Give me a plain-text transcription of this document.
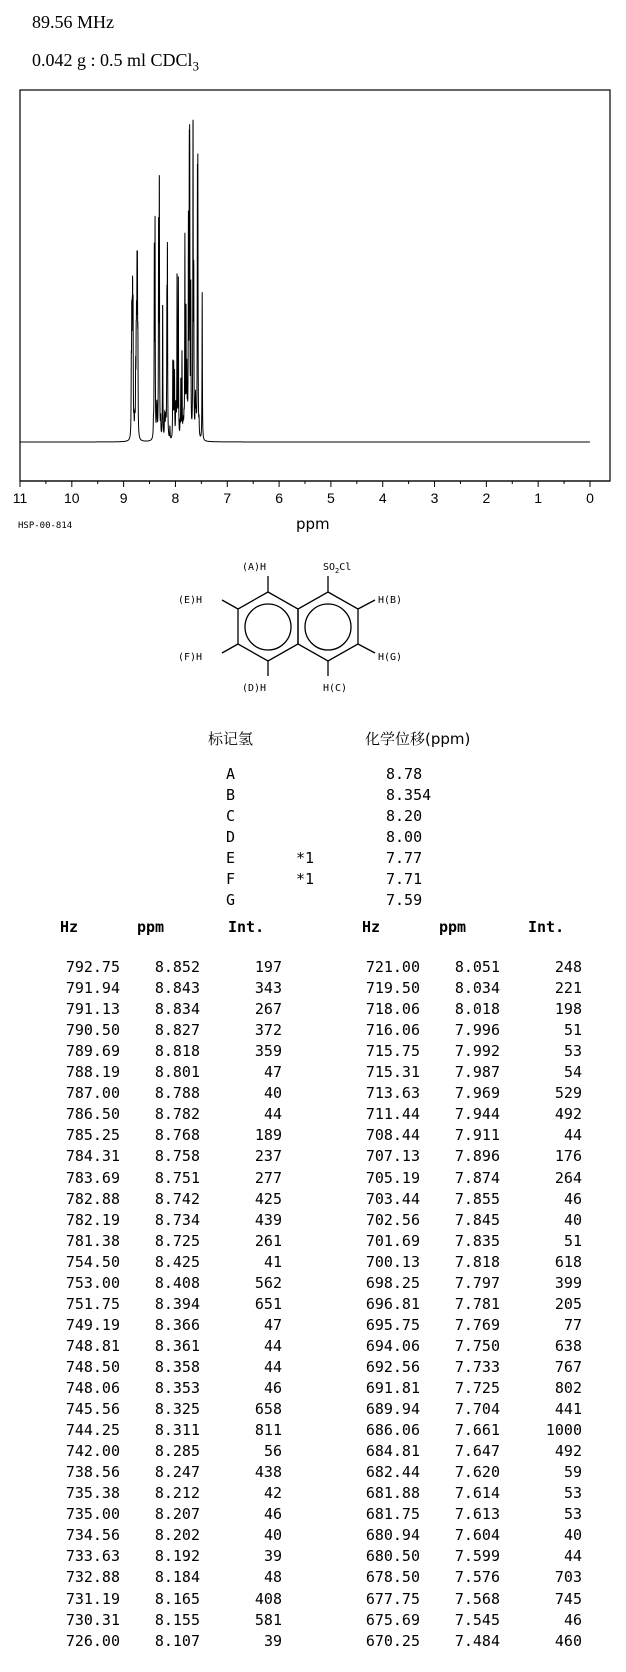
89.56 MHz
0.042 g : 0.5 ml CDCl$_3$
11	10	9	8	7	6	5	4	3	2	1	0
HSP-00-814	ppm
(A)H	$SO_2Cl$
H(B)
H(G)
H(C)
(D)H
(F)H
(E)H
标记氢	化学位移(ppm)
A	8.78
B	8.354
C	8.20
D	8.00
E	*1	7.77
F	*1	7.71
G	7.59
Hz	ppm	Int.	Hz	ppm	Int.
792.75 8.852	197
791.94 8.843	343
791.13 8.834	267
790.50 8.827	372
789.69 8.818	359
788.19 8.801	47
787.00 8.788	40
786.50 8.782	44
785.25 8.768	189
784.31 8.758	237
783.69 8.751	277
782.88 8.742	425
782.19 8.734	439
781.38 8.725	261
754.50 8.425	41
753.00 8.408	562
751.75 8.394	651
749.19 8.366	47
748.81 8.361	44
748.50 8.358	44
748.06 8.353	46
745.56 8.325	658
744.25 8.311	811
742.00 8.285	56
738.56 8.247	438
735.38 8.212	42
735.00 8.207	46
734.56 8.202	40
733.63 8.192	39
732.88 8.184	48
731.19 8.165	408
730.31 8.155	581
726.00 8.107	39
721.00 8.051	248
719.50 8.034	221
718.06 8.018	198
716.06 7.996	51
715.75 7.992	53
715.31 7.987	54
713.63 7.969	529
711.44 7.944	492
708.44 7.911	44
707.13 7.896	176
705.19 7.874	264
703.44 7.855	46
702.56 7.845	40
701.69 7.835	51
700.13 7.818	618
698.25 7.797	399
696.81 7.781	205
695.75 7.769	77
694.06 7.750	638
692.56 7.733	767
691.81 7.725	802
689.94 7.704	441
686.06 7.661	1000
684.81 7.647	492
682.44 7.620	59
681.88 7.614	53
681.75 7.613	53
680.94 7.604	40
680.50 7.599	44
678.50 7.576	703
677.75 7.568	745
675.69 7.545	46
670.25 7.484	460
